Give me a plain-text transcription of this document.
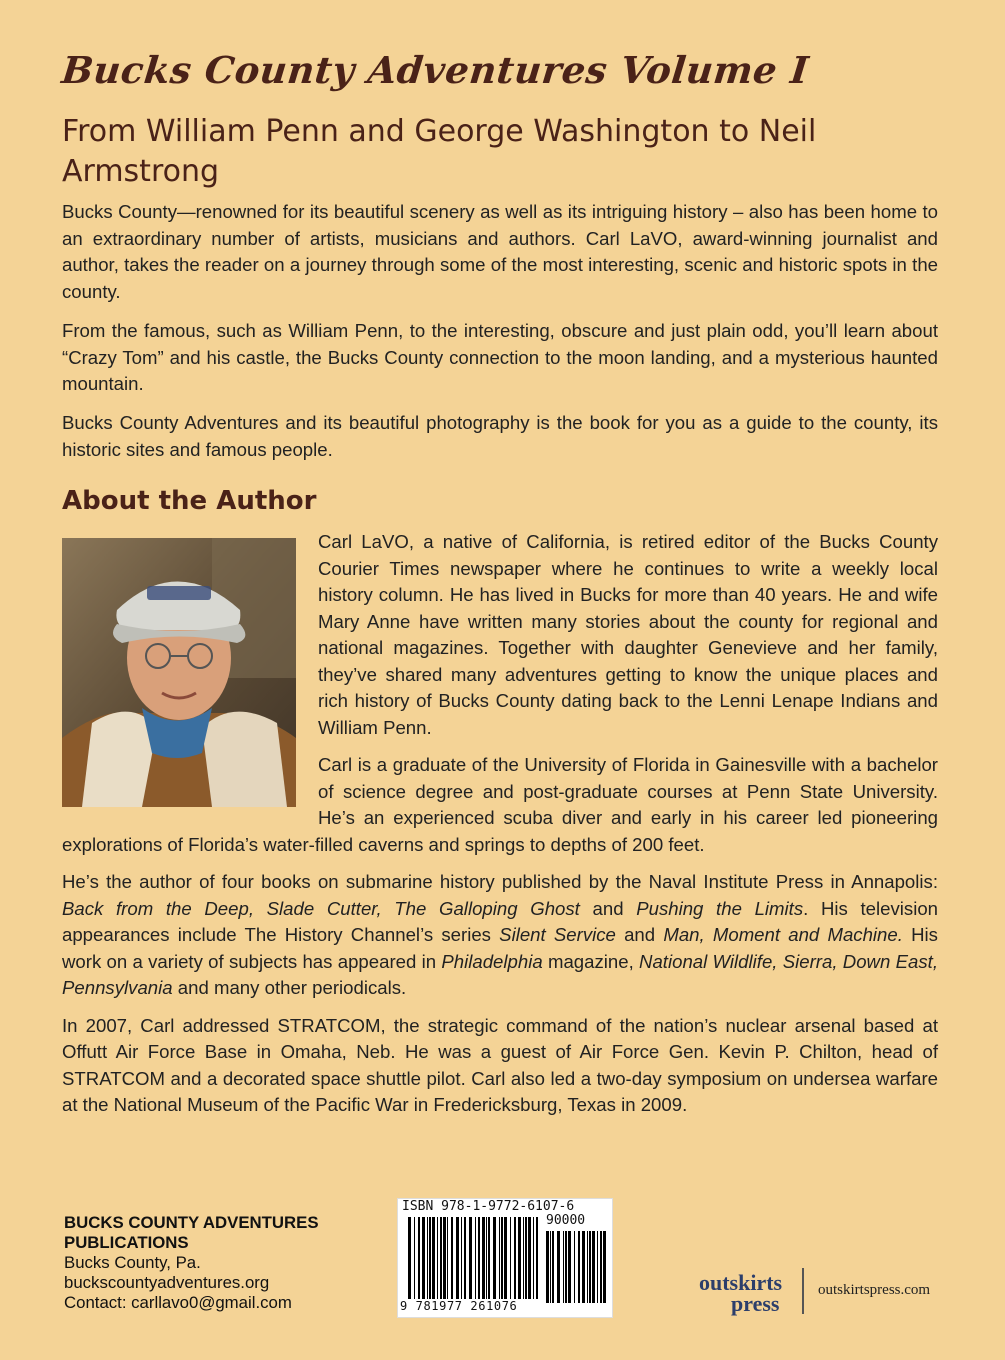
Bucks County Adventures Volume I
From William Penn and George Washington to Neil Armstrong

Bucks County—renowned for its beautiful scenery as well as its intriguing history – also has been home to an extraordinary number of artists, musicians and authors. Carl LaVO, award-winning journalist and author, takes the reader on a journey through some of the most interesting, scenic and historic spots in the county.

From the famous, such as William Penn, to the interesting, obscure and just plain odd, you’ll learn about “Crazy Tom” and his castle, the Bucks County connection to the moon landing, and a mysterious haunted mountain.

Bucks County Adventures and its beautiful photography is the book for you as a guide to the county, its historic sites and famous people.

About the Author

Carl LaVO, a native of California, is retired editor of the Bucks County Courier Times newspaper where he continues to write a weekly local history column. He has lived in Bucks for more than 40 years. He and wife Mary Anne have written many stories about the county for regional and national magazines. Together with daughter Genevieve and her family, they’ve shared many adventures getting to know the unique places and rich history of Bucks County dating back to the Lenni Lenape Indians and William Penn.

Carl is a graduate of the University of Florida in Gainesville with a bachelor of science degree and post-graduate courses at Penn State University. He’s an experienced scuba diver and early in his career led pioneering explorations of Florida’s water-filled caverns and springs to depths of 200 feet.

He’s the author of four books on submarine history published by the Naval Institute Press in Annapolis: Back from the Deep, Slade Cutter, The Galloping Ghost and Pushing the Limits. His television appearances include The History Channel’s series Silent Service and Man, Moment and Machine. His work on a variety of subjects has appeared in Philadelphia magazine, National Wildlife, Sierra, Down East, Pennsylvania and many other periodicals.

In 2007, Carl addressed STRATCOM, the strategic command of the nation’s nuclear arsenal based at Offutt Air Force Base in Omaha, Neb. He was a guest of Air Force Gen. Kevin P. Chilton, head of STRATCOM and a decorated space shuttle pilot. Carl also led a two-day symposium on undersea warfare at the National Museum of the Pacific War in Fredericksburg, Texas in 2009.

BUCKS COUNTY ADVENTURES
PUBLICATIONS
Bucks County, Pa.
buckscountyadventures.org
Contact: carllavo0@gmail.com
ISBN 978-1-9772-6107-6
90000
9 781977 261076
outskirts
press
outskirtspress.com
